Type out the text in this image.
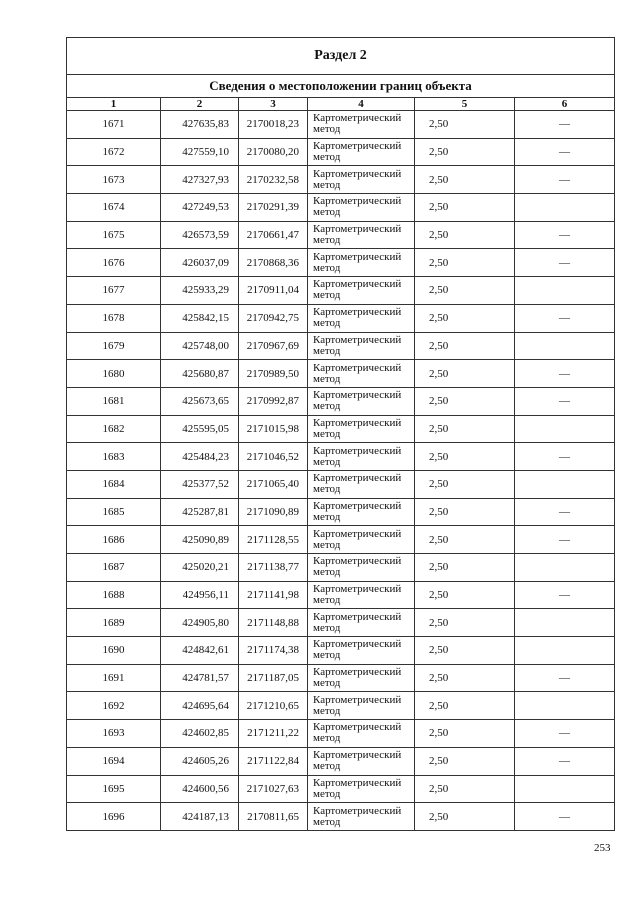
Раздел 2					
Сведения о местоположении границ объекта					
1	2	3	4	5	6
1671	427635,83	2170018,23	Картометрический
метод	2,50	—
1672	427559,10	2170080,20	Картометрический
метод	2,50	—
1673	427327,93	2170232,58	Картометрический
метод	2,50	—
1674	427249,53	2170291,39	Картометрический
метод	2,50	
1675	426573,59	2170661,47	Картометрический
метод	2,50	—
1676	426037,09	2170868,36	Картометрический
метод	2,50	—
1677	425933,29	2170911,04	Картометрический
метод	2,50	
1678	425842,15	2170942,75	Картометрический
метод	2,50	—
1679	425748,00	2170967,69	Картометрический
метод	2,50	
1680	425680,87	2170989,50	Картометрический
метод	2,50	—
1681	425673,65	2170992,87	Картометрический
метод	2,50	—
1682	425595,05	2171015,98	Картометрический
метод	2,50	
1683	425484,23	2171046,52	Картометрический
метод	2,50	—
1684	425377,52	2171065,40	Картометрический
метод	2,50	
1685	425287,81	2171090,89	Картометрический
метод	2,50	—
1686	425090,89	2171128,55	Картометрический
метод	2,50	—
1687	425020,21	2171138,77	Картометрический
метод	2,50	
1688	424956,11	2171141,98	Картометрический
метод	2,50	—
1689	424905,80	2171148,88	Картометрический
метод	2,50	
1690	424842,61	2171174,38	Картометрический
метод	2,50	
1691	424781,57	2171187,05	Картометрический
метод	2,50	—
1692	424695,64	2171210,65	Картометрический
метод	2,50	
1693	424602,85	2171211,22	Картометрический
метод	2,50	—
1694	424605,26	2171122,84	Картометрический
метод	2,50	—
1695	424600,56	2171027,63	Картометрический
метод	2,50	
1696	424187,13	2170811,65	Картометрический
метод	2,50	—
253
